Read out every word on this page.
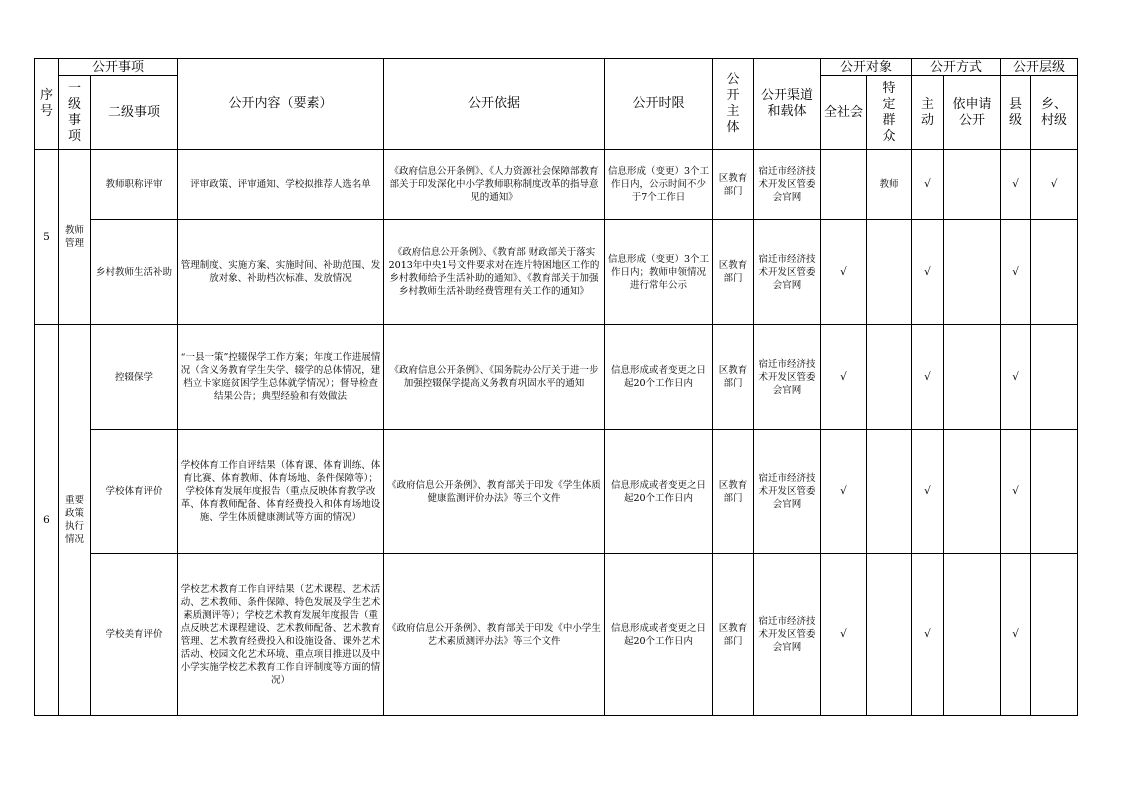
序号	公开事项		公开内容（要素）	公开依据	公开时限	公开主体	公开渠道和载体	公开对象		公开方式		公开层级	
	一级事项	二级事项						全社会	特定群众	主动	依申请公开	县级	乡、村级
5	教师管理	教师职称评审	评审政策、评审通知、学校拟推荐人选名单	《政府信息公开条例》、《人力资源社会保障部教育部关于印发深化中小学教师职称制度改革的指导意见的通知》	信息形成（变更）3个工作日内，公示时间不少于7个工作日	区教育部门	宿迁市经济技术开发区管委会官网		教师	√		√	√
		乡村教师生活补助	管理制度、实施方案、实施时间、补助范围、发放对象、补助档次标准、发放情况	《政府信息公开条例》、《教育部 财政部关于落实2013年中央1号文件要求对在连片特困地区工作的乡村教师给予生活补助的通知》、《教育部关于加强乡村教师生活补助经费管理有关工作的通知》	信息形成（变更）3个工作日内；教师申领情况进行常年公示	区教育部门	宿迁市经济技术开发区管委会官网	√		√		√	
6	重要政策执行情况	控辍保学	“一县一策”控辍保学工作方案；年度工作进展情况（含义务教育学生失学、辍学的总体情况，建档立卡家庭贫困学生总体就学情况）；督导检查结果公告；典型经验和有效做法	《政府信息公开条例》、《国务院办公厅关于进一步加强控辍保学提高义务教育巩固水平的通知	信息形成或者变更之日起20个工作日内	区教育部门	宿迁市经济技术开发区管委会官网	√		√		√	
		学校体育评价	学校体育工作自评结果（体育课、体育训练、体育比赛、体育教师、体育场地、条件保障等）；学校体育发展年度报告（重点反映体育教学改革、体育教师配备、体育经费投入和体育场地设施、学生体质健康测试等方面的情况）	《政府信息公开条例》、教育部关于印发《学生体质健康监测评价办法》等三个文件	信息形成或者变更之日起20个工作日内	区教育部门	宿迁市经济技术开发区管委会官网	√		√		√	
		学校美育评价	学校艺术教育工作自评结果（艺术课程、艺术活动、艺术教师、条件保障、特色发展及学生艺术素质测评等）；学校艺术教育发展年度报告（重点反映艺术课程建设、艺术教师配备、艺术教育管理、艺术教育经费投入和设施设备、课外艺术活动、校园文化艺术环境、重点项目推进以及中小学实施学校艺术教育工作自评制度等方面的情况）	《政府信息公开条例》、教育部关于印发《中小学生艺术素质测评办法》等三个文件	信息形成或者变更之日起20个工作日内	区教育部门	宿迁市经济技术开发区管委会官网	√		√		√	
